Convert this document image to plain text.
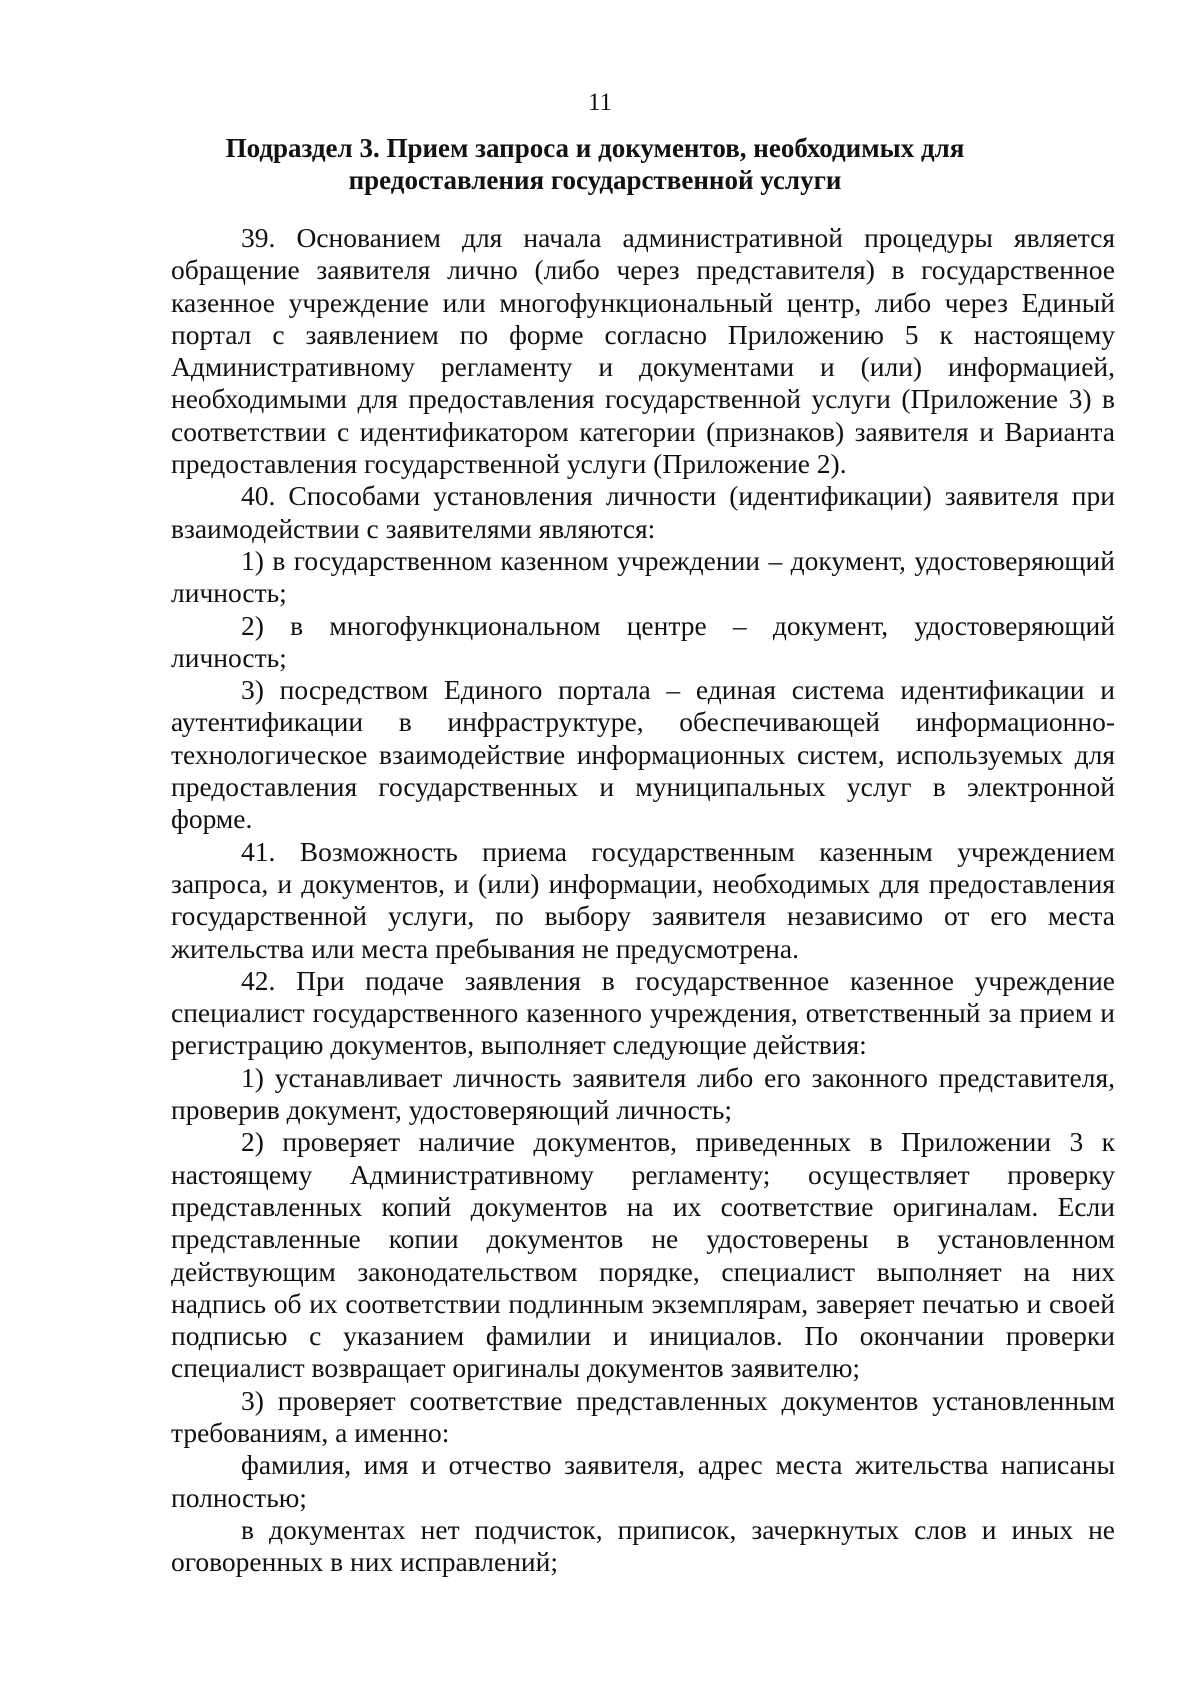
11
Подраздел 3. Прием запроса и документов, необходимых для
предоставления государственной услуги

39. Основанием для начала административной процедуры является обращение заявителя лично (либо через представителя) в государственное казенное учреждение или многофункциональный центр, либо через Единый портал с заявлением по форме согласно Приложению 5 к настоящему Административному регламенту и документами и (или) информацией, необходимыми для предоставления государственной услуги (Приложение 3) в соответствии с идентификатором категории (признаков) заявителя и Варианта предоставления государственной услуги (Приложение 2).

40. Способами установления личности (идентификации) заявителя при взаимодействии с заявителями являются:

1) в государственном казенном учреждении – документ, удостоверяющий личность;

2) в многофункциональном центре – документ, удостоверяющий личность;

3) посредством Единого портала – единая система идентификации и аутентификации в инфраструктуре, обеспечивающей информационно-технологическое взаимодействие информационных систем, используемых для предоставления государственных и муниципальных услуг в электронной форме.

41. Возможность приема государственным казенным учреждением запроса, и документов, и (или) информации, необходимых для предоставления государственной услуги, по выбору заявителя независимо от его места жительства или места пребывания не предусмотрена.

42. При подаче заявления в государственное казенное учреждение специалист государственного казенного учреждения, ответственный за прием и регистрацию документов, выполняет следующие действия:

1) устанавливает личность заявителя либо его законного представителя, проверив документ, удостоверяющий личность;

2) проверяет наличие документов, приведенных в Приложении 3 к настоящему Административному регламенту; осуществляет проверку представленных копий документов на их соответствие оригиналам. Если представленные копии документов не удостоверены в установленном действующим законодательством порядке, специалист выполняет на них надпись об их соответствии подлинным экземплярам, заверяет печатью и своей подписью с указанием фамилии и инициалов. По окончании проверки специалист возвращает оригиналы документов заявителю;

3) проверяет соответствие представленных документов установленным требованиям, а именно:

фамилия, имя и отчество заявителя, адрес места жительства написаны полностью;

в документах нет подчисток, приписок, зачеркнутых слов и иных не оговоренных в них исправлений;
